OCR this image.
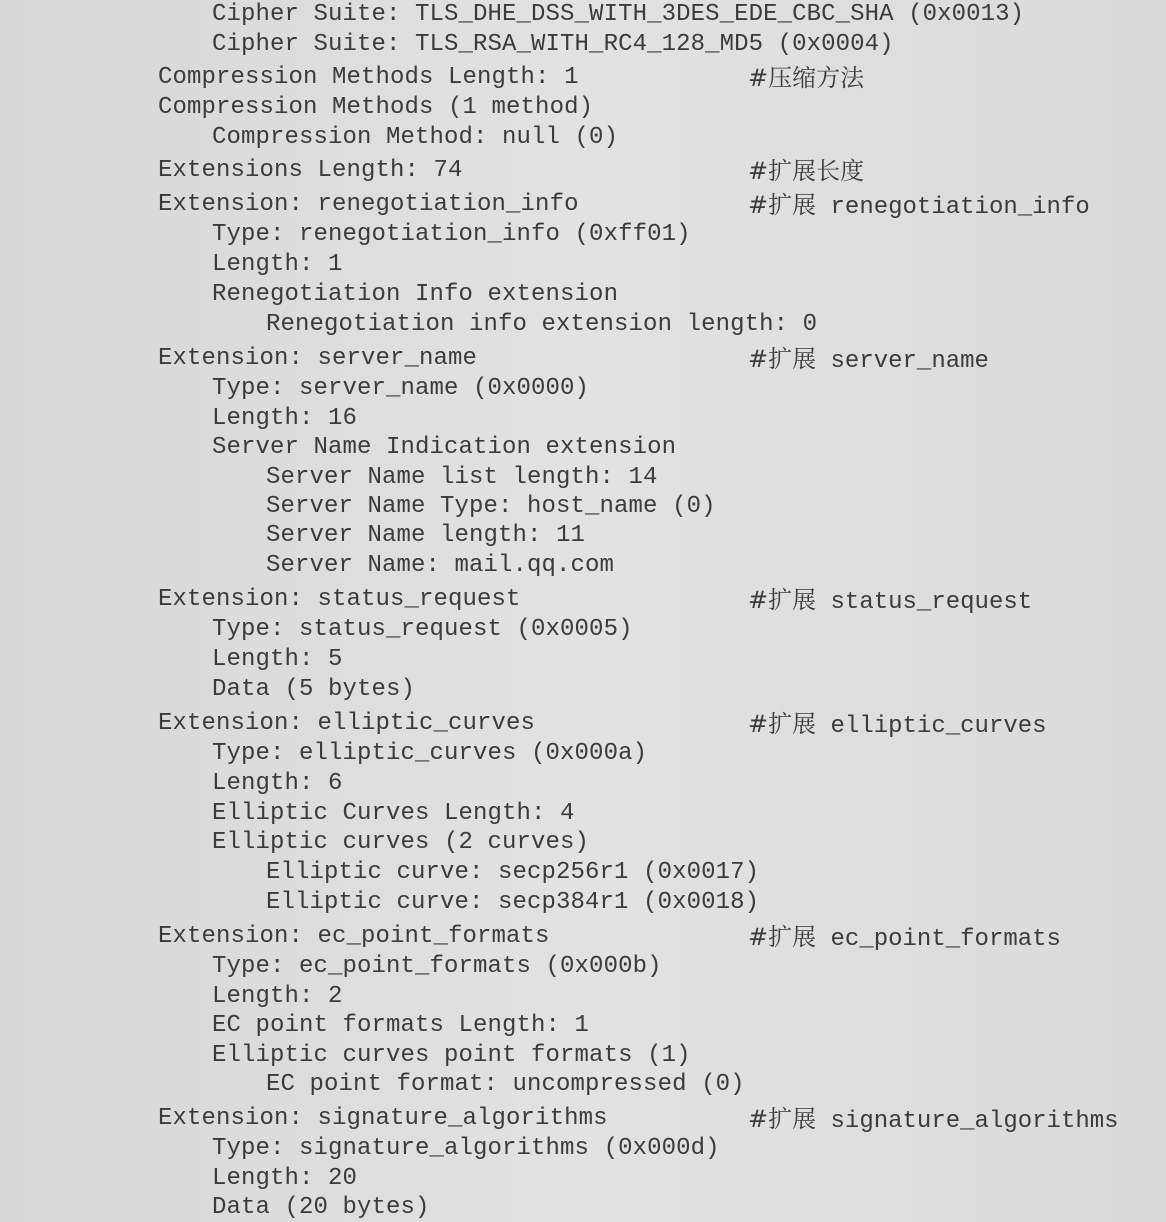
Cipher Suite: TLS_DHE_DSS_WITH_3DES_EDE_CBC_SHA (0x0013)
Cipher Suite: TLS_RSA_WITH_RC4_128_MD5 (0x0004)
Compression Methods Length: 1	#压缩方法
Compression Methods (1 method)
Compression Method: null (0)
Extensions Length: 74	#扩展长度
Extension: renegotiation_info	#扩展 renegotiation_info
Type: renegotiation_info (0xff01)
Length: 1
Renegotiation Info extension
Renegotiation info extension length: 0
Extension: server_name	#扩展 server_name
Type: server_name (0x0000)
Length: 16
Server Name Indication extension
Server Name list length: 14
Server Name Type: host_name (0)
Server Name length: 11
Server Name: mail.qq.com
Extension: status_request	#扩展 status_request
Type: status_request (0x0005)
Length: 5
Data (5 bytes)
Extension: elliptic_curves	#扩展 elliptic_curves
Type: elliptic_curves (0x000a)
Length: 6
Elliptic Curves Length: 4
Elliptic curves (2 curves)
Elliptic curve: secp256r1 (0x0017)
Elliptic curve: secp384r1 (0x0018)
Extension: ec_point_formats	#扩展 ec_point_formats
Type: ec_point_formats (0x000b)
Length: 2
EC point formats Length: 1
Elliptic curves point formats (1)
EC point format: uncompressed (0)
Extension: signature_algorithms	#扩展 signature_algorithms
Type: signature_algorithms (0x000d)
Length: 20
Data (20 bytes)
